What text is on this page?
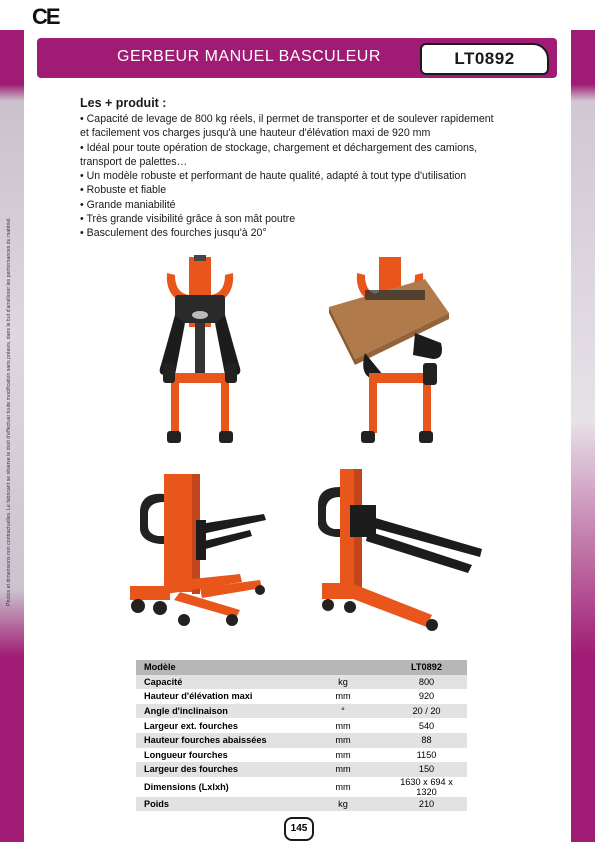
CE
Photos et dimensions non contractuelles. Le fabricant se réserve le droit d'effectuer toute modification sans préavis, dans le but d'améliorer les performances du matériel.
GERBEUR MANUEL BASCULEUR	LT0892
Les + produit :
• Capacité de levage de 800 kg réels, il permet de transporter et de soulever rapidement
et facilement vos charges jusqu'à une hauteur d'élévation maxi de 920 mm
• Idéal pour toute opération de stockage, chargement et déchargement des camions,
transport de palettes…
• Un modèle robuste et performant de haute qualité, adapté à tout type d'utilisation
• Robuste et fiable
• Grande maniabilité
• Très grande visibilité grâce à son mât poutre
• Basculement des fourches jusqu'à 20°
Modèle		LT0892
Capacité	kg	800
Hauteur d'élévation maxi	mm	920
Angle d'inclinaison	°	20 / 20
Largeur ext. fourches	mm	540
Hauteur fourches abaissées	mm	88
Longueur fourches	mm	1150
Largeur des fourches	mm	150
Dimensions (Lxlxh)	mm	1630 x 694 x 1320
Poids	kg	210
145
